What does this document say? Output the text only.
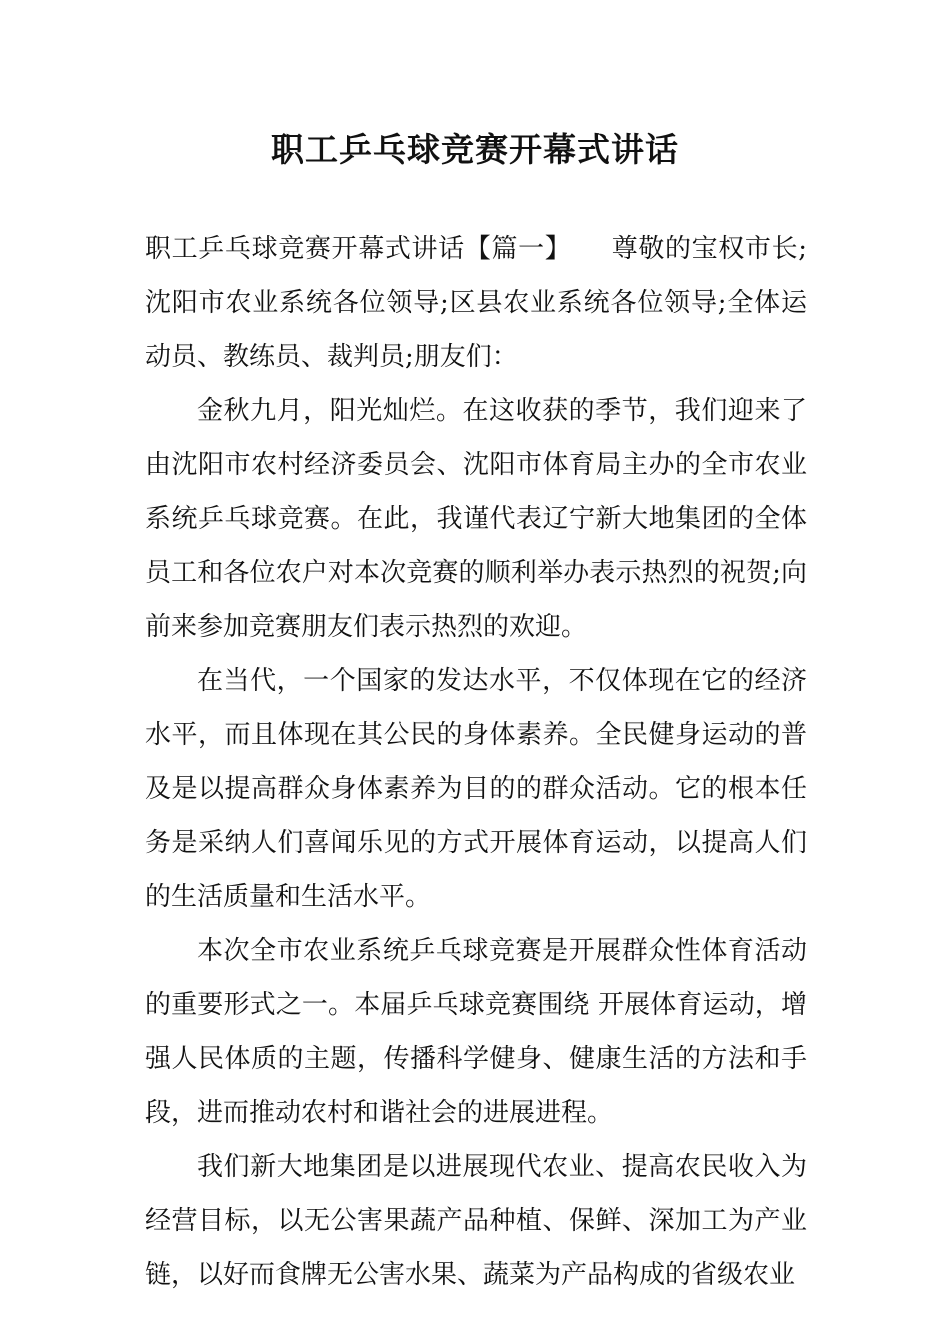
职工乒乓球竞赛开幕式讲话

职工乒乓球竞赛开幕式讲话【篇一】　　尊敬的宝权市长;沈阳市农业系统各位领导;区县农业系统各位领导;全体运动员、教练员、裁判员;朋友们：

金秋九月，阳光灿烂。在这收获的季节，我们迎来了由沈阳市农村经济委员会、沈阳市体育局主办的全市农业系统乒乓球竞赛。在此，我谨代表辽宁新大地集团的全体员工和各位农户对本次竞赛的顺利举办表示热烈的祝贺;向前来参加竞赛朋友们表示热烈的欢迎。

在当代，一个国家的发达水平，不仅体现在它的经济水平，而且体现在其公民的身体素养。全民健身运动的普及是以提高群众身体素养为目的的群众活动。它的根本任务是采纳人们喜闻乐见的方式开展体育运动，以提高人们的生活质量和生活水平。

本次全市农业系统乒乓球竞赛是开展群众性体育活动的重要形式之一。本届乒乓球竞赛围绕 开展体育运动，增强人民体质的主题，传播科学健身、健康生活的方法和手段，进而推动农村和谐社会的进展进程。

我们新大地集团是以进展现代农业、提高农民收入为经营目标，以无公害果蔬产品种植、保鲜、深加工为产业链，以好而食牌无公害水果、蔬菜为产品构成的省级农业
